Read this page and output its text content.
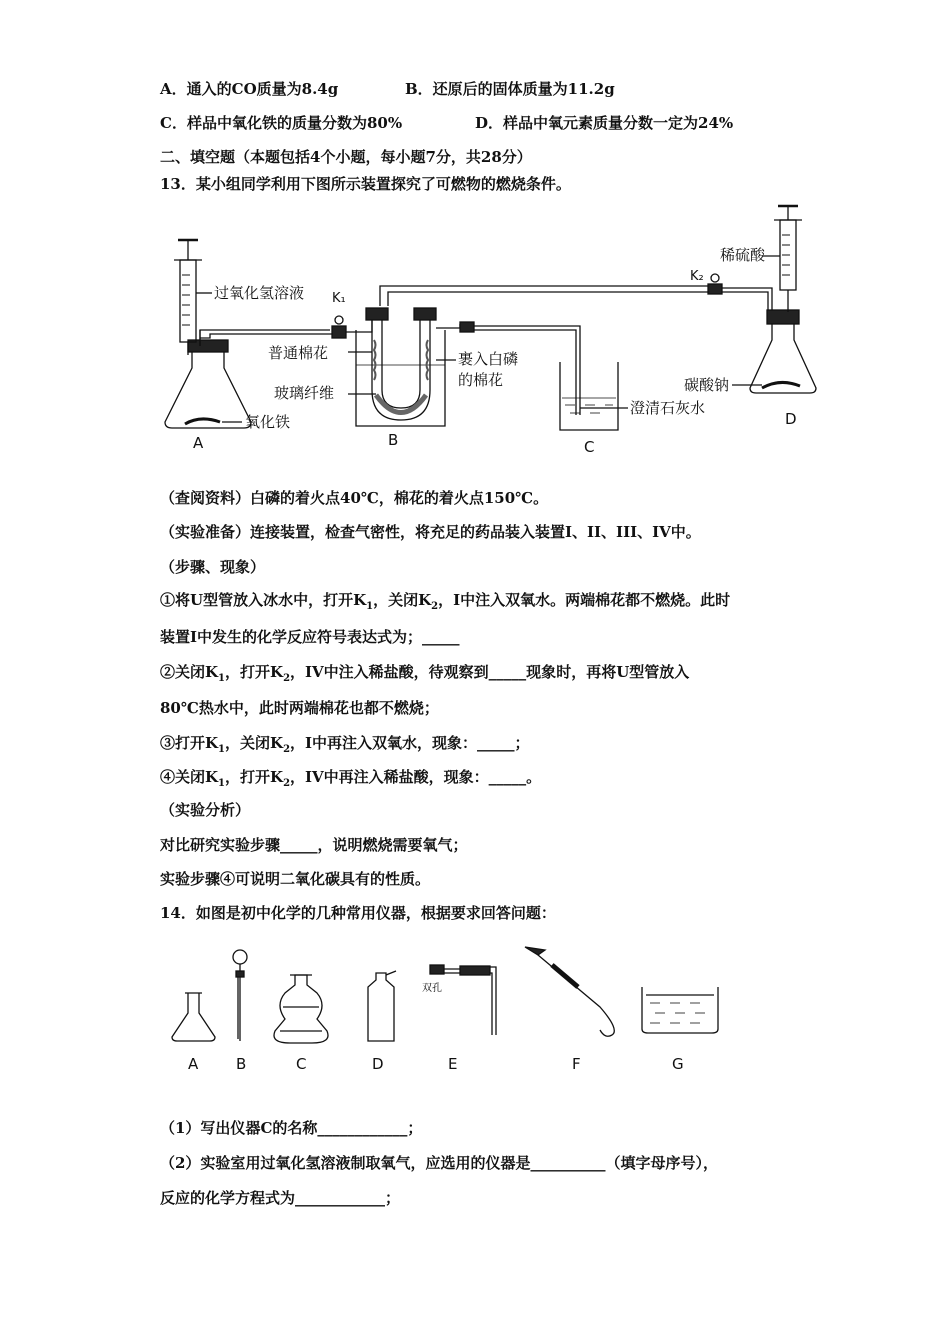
A．通入的CO质量为8.4g	B．还原后的固体质量为11.2g
C．样品中氧化铁的质量分数为80%	D．样品中氧元素质量分数一定为24%
二、填空题（本题包括4个小题，每小题7分，共28分）
13．某小组同学利用下图所示装置探究了可燃物的燃烧条件。
过氧化氢溶液 K₁
K₂
稀硫酸
普通棉花
玻璃纤维
裹入白磷
的棉花
氧化铁
澄清石灰水
碳酸钠
A	B	C
D
（查阅资料）白磷的着火点40℃，棉花的着火点150℃。
（实验准备）连接装置，检查气密性，将充足的药品装入装置I、II、III、IV中。
（步骤、现象）
①将U型管放入冰水中，打开$K_1$，关闭$K_2$，I中注入双氧水。两端棉花都不燃烧。此时
装置I中发生的化学反应符号表达式为；_____
②关闭$K_1$，打开$K_2$，IV中注入稀盐酸，待观察到_____现象时，再将U型管放入
80℃热水中，此时两端棉花也都不燃烧；
③打开$K_1$，关闭$K_2$，I中再注入双氧水，现象：_____；
④关闭$K_1$，打开$K_2$，IV中再注入稀盐酸，现象：_____。
（实验分析）
对比研究实验步骤_____，说明燃烧需要氧气；
实验步骤④可说明二氧化碳具有的性质。
14．如图是初中化学的几种常用仪器，根据要求回答问题：
双孔
A	B	C	D	E	F	G
（1）写出仪器C的名称____________；
（2）实验室用过氧化氢溶液制取氧气，应选用的仪器是__________（填字母序号），
反应的化学方程式为____________；
